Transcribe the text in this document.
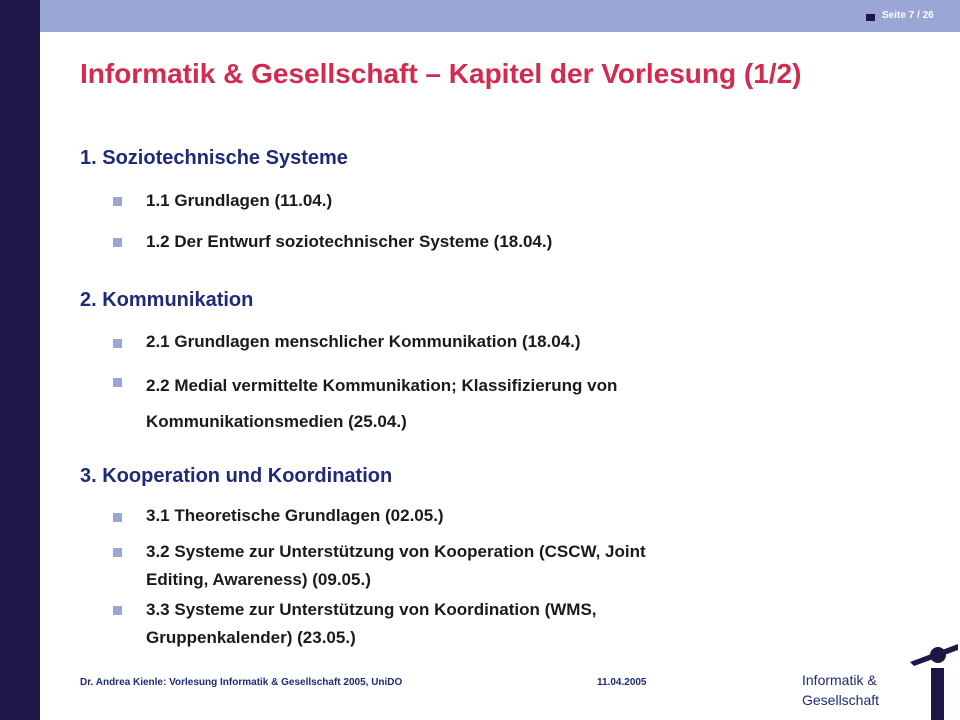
Seite 7 / 26
Informatik & Gesellschaft – Kapitel der Vorlesung (1/2)
1. Soziotechnische Systeme

1.1 Grundlagen (11.04.)

1.2 Der Entwurf soziotechnischer Systeme (18.04.)

2. Kommunikation

2.1 Grundlagen menschlicher Kommunikation (18.04.)

2.2 Medial vermittelte Kommunikation; Klassifizierung von
Kommunikationsmedien (25.04.)

3. Kooperation und Koordination

3.1 Theoretische Grundlagen (02.05.)

3.2 Systeme zur Unterstützung von Kooperation (CSCW, Joint
Editing, Awareness) (09.05.)

3.3 Systeme zur Unterstützung von Koordination (WMS,
Gruppenkalender) (23.05.)

Dr. Andrea Kienle: Vorlesung Informatik & Gesellschaft 2005, UniDO	11.04.2005	Informatik &
Gesellschaft
